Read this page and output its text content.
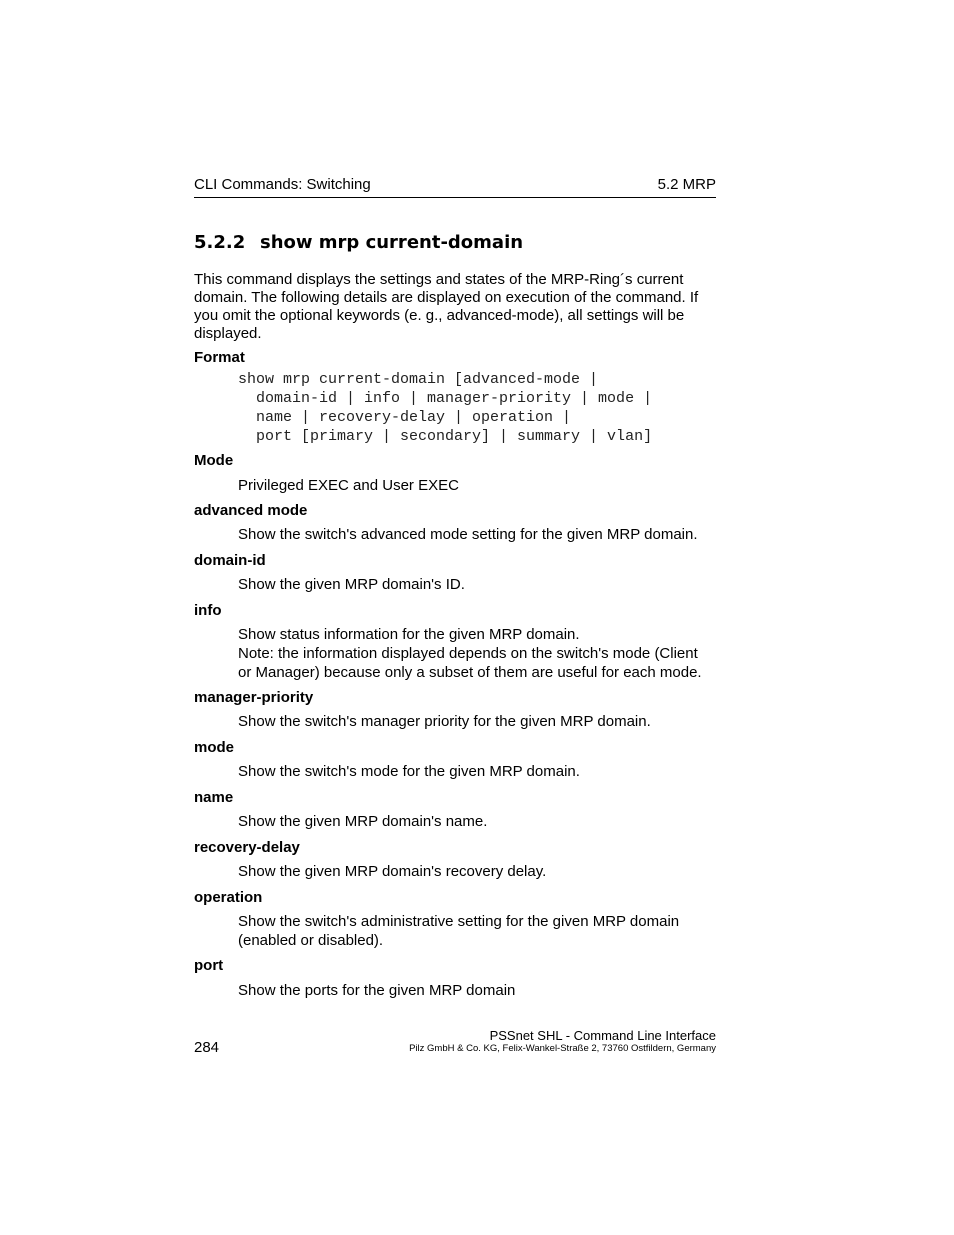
CLI Commands: Switching	5.2 MRP
5.2.2 show mrp current-domain
This command displays the settings and states of the MRP-Ring´s current domain. The following details are displayed on execution of the command. If you omit the optional keywords (e. g., advanced-mode), all settings will be displayed.
Format
show mrp current-domain [advanced-mode |
domain-id | info | manager-priority | mode |
name | recovery-delay | operation |
port [primary | secondary] | summary | vlan]
Mode
Privileged EXEC and User EXEC
advanced mode
Show the switch's advanced mode setting for the given MRP domain.
domain-id
Show the given MRP domain's ID.
info
Show status information for the given MRP domain.
Note: the information displayed depends on the switch's mode (Client
or Manager) because only a subset of them are useful for each mode.
manager-priority
Show the switch's manager priority for the given MRP domain.
mode
Show the switch's mode for the given MRP domain.
name
Show the given MRP domain's name.
recovery-delay
Show the given MRP domain's recovery delay.
operation
Show the switch's administrative setting for the given MRP domain
(enabled or disabled).
port
Show the ports for the given MRP domain
284
PSSnet SHL - Command Line Interface
Pilz GmbH & Co. KG, Felix-Wankel-Straße 2, 73760 Ostfildern, Germany
